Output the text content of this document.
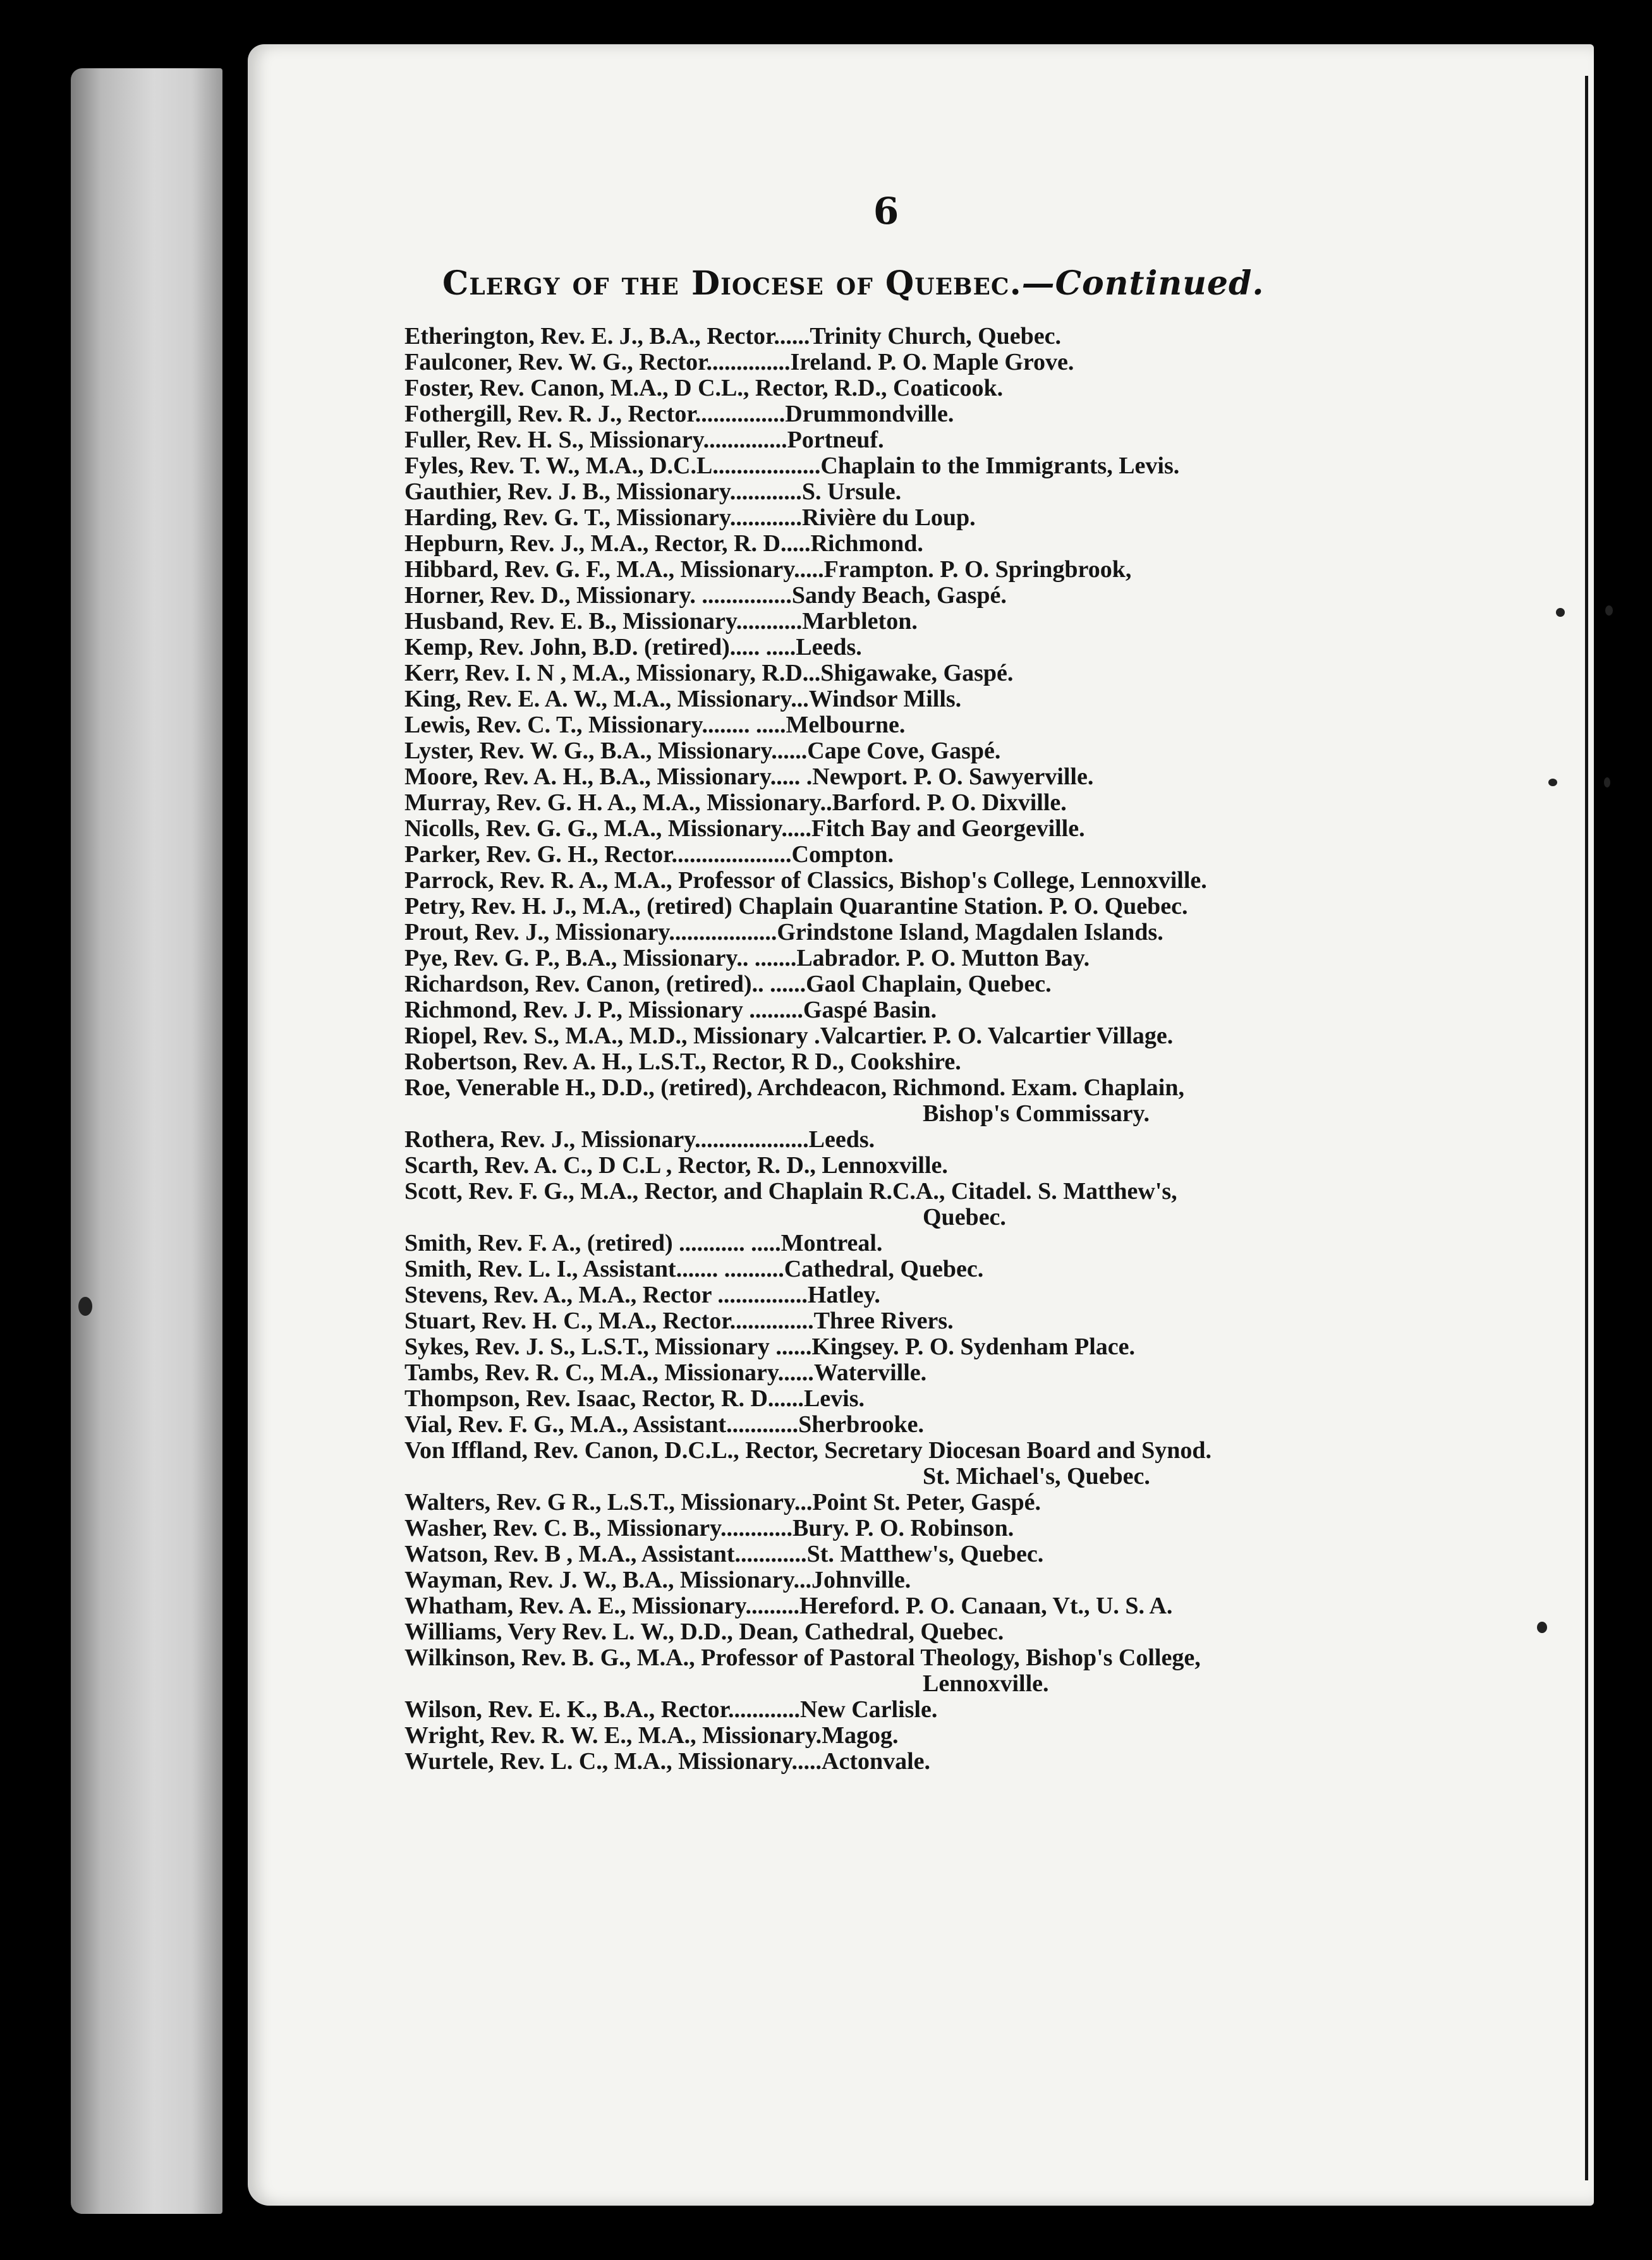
6
Clergy of the Diocese of Quebec.—Continued.
Etherington, Rev. E. J., B.A., Rector......Trinity Church, Quebec.
Faulconer, Rev. W. G., Rector..............Ireland. P. O. Maple Grove.
Foster, Rev. Canon, M.A., D C.L., Rector, R.D., Coaticook.
Fothergill, Rev. R. J., Rector...............Drummondville.
Fuller, Rev. H. S., Missionary..............Portneuf.
Fyles, Rev. T. W., M.A., D.C.L..................Chaplain to the Immigrants, Levis.
Gauthier, Rev. J. B., Missionary............S. Ursule.
Harding, Rev. G. T., Missionary............Rivière du Loup.
Hepburn, Rev. J., M.A., Rector, R. D.....Richmond.
Hibbard, Rev. G. F., M.A., Missionary.....Frampton. P. O. Springbrook,
Horner, Rev. D., Missionary. ...............Sandy Beach, Gaspé.
Husband, Rev. E. B., Missionary...........Marbleton.
Kemp, Rev. John, B.D. (retired)..... .....Leeds.
Kerr, Rev. I. N , M.A., Missionary, R.D...Shigawake, Gaspé.
King, Rev. E. A. W., M.A., Missionary...Windsor Mills.
Lewis, Rev. C. T., Missionary........ .....Melbourne.
Lyster, Rev. W. G., B.A., Missionary......Cape Cove, Gaspé.
Moore, Rev. A. H., B.A., Missionary..... .Newport. P. O. Sawyerville.
Murray, Rev. G. H. A., M.A., Missionary..Barford. P. O. Dixville.
Nicolls, Rev. G. G., M.A., Missionary.....Fitch Bay and Georgeville.
Parker, Rev. G. H., Rector....................Compton.
Parrock, Rev. R. A., M.A., Professor of Classics, Bishop's College, Lennoxville.
Petry, Rev. H. J., M.A., (retired) Chaplain Quarantine Station. P. O. Quebec.
Prout, Rev. J., Missionary..................Grindstone Island, Magdalen Islands.
Pye, Rev. G. P., B.A., Missionary.. .......Labrador. P. O. Mutton Bay.
Richardson, Rev. Canon, (retired).. ......Gaol Chaplain, Quebec.
Richmond, Rev. J. P., Missionary .........Gaspé Basin.
Riopel, Rev. S., M.A., M.D., Missionary .Valcartier. P. O. Valcartier Village.
Robertson, Rev. A. H., L.S.T., Rector, R D., Cookshire.
Roe, Venerable H., D.D., (retired), Archdeacon, Richmond. Exam. Chaplain,
Bishop's Commissary.
Rothera, Rev. J., Missionary...................Leeds.
Scarth, Rev. A. C., D C.L , Rector, R. D., Lennoxville.
Scott, Rev. F. G., M.A., Rector, and Chaplain R.C.A., Citadel. S. Matthew's,
Quebec.
Smith, Rev. F. A., (retired) ........... .....Montreal.
Smith, Rev. L. I., Assistant....... ..........Cathedral, Quebec.
Stevens, Rev. A., M.A., Rector ...............Hatley.
Stuart, Rev. H. C., M.A., Rector..............Three Rivers.
Sykes, Rev. J. S., L.S.T., Missionary ......Kingsey. P. O. Sydenham Place.
Tambs, Rev. R. C., M.A., Missionary......Waterville.
Thompson, Rev. Isaac, Rector, R. D......Levis.
Vial, Rev. F. G., M.A., Assistant............Sherbrooke.
Von Iffland, Rev. Canon, D.C.L., Rector, Secretary Diocesan Board and Synod.
St. Michael's, Quebec.
Walters, Rev. G R., L.S.T., Missionary...Point St. Peter, Gaspé.
Washer, Rev. C. B., Missionary............Bury. P. O. Robinson.
Watson, Rev. B , M.A., Assistant............St. Matthew's, Quebec.
Wayman, Rev. J. W., B.A., Missionary...Johnville.
Whatham, Rev. A. E., Missionary.........Hereford. P. O. Canaan, Vt., U. S. A.
Williams, Very Rev. L. W., D.D., Dean, Cathedral, Quebec.
Wilkinson, Rev. B. G., M.A., Professor of Pastoral Theology, Bishop's College,
Lennoxville.
Wilson, Rev. E. K., B.A., Rector............New Carlisle.
Wright, Rev. R. W. E., M.A., Missionary.Magog.
Wurtele, Rev. L. C., M.A., Missionary.....Actonvale.
